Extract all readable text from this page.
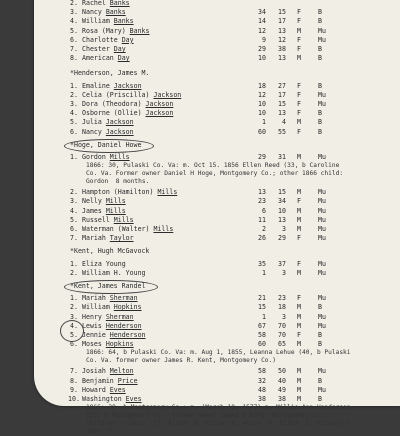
2. Rachel Banks
3. Nancy Banks	34	15 F	B
4. William Banks	14	17 F	B
5. Rosa (Mary) Banks	12	13 M	Mu
6. Charlotte Day	9	12 F	Mu
7. Chester Day	29	38 F	B
8. American Day	10	13 M	B
*Henderson, James M.
1. Emaline Jackson	18	27 F	B
2. Celia (Priscilla) Jackson	12	17 F	Mu
3. Dora (Theodora) Jackson	10	15 F	Mu
4. Osborne (Ollie) Jackson	10	13 F	B
5. Julia Jackson	1	4 M	B
6. Nancy Jackson	60	55 F	B
*Hoge, Daniel Howe
1. Gordon Mills	29	31 M	Mu
1866: 30, Pulaski Co. Va: m. Oct 15. 1856 Ellen Reed (33, b Caroline
Co. Va. Former owner Daniel H Hoge, Montgomery Co.; other 1866 child:
Gordon  8 months.
2. Hampton (Hamilton) Mills	13	15 M	Mu
3. Nelly Mills	23	34 F	Mu
4. James Mills	6	10 M	Mu
5. Russell Mills	11	13 M	Mu
6. Waterman (Walter) Mills	2	3 M	Mu
7. Mariah Taylor	26	29 F	Mu
*Kent, Hugh McGavock
1. Eliza Young	35	37 F	Mu
2. William H. Young	1	3 M	Mu
*Kent, James Randel
1. Mariah Sherman	21	23 F	Mu
2. William Hopkins	15	18 M	B
3. Henry Sherman	1	3 M	Mu
4. Lewis Henderson	67	70 M	Mu
5. Jennie Henderson	58	70 F	B
6. Moses Hopkins	60	65 M	B
1866: 64, b Pulaski Co. Va: m. Aug 1, 1855, Leanna Lehue (40, b Pulaski
Co. Va. former owner James R. Kent, Montgomery Co.)
7. Josiah Melton	58	50 M	Mu
8. Benjamin Price	32	40 M	B
9. Howard Eves	48	49 M	Mu
10. Washington Eves	38	38 M	B
1866: 39, b Montgomery Co.: m. (March 18, 1577) m. Millie Ann Henderson
(33, b Montgomery Co., former owner James R Kent, Montgomery Co.)
Children:  Lewis  17, Alice  8, Eliza  6, Alice  8, Eliza  6, Richard 3,
John  1.
